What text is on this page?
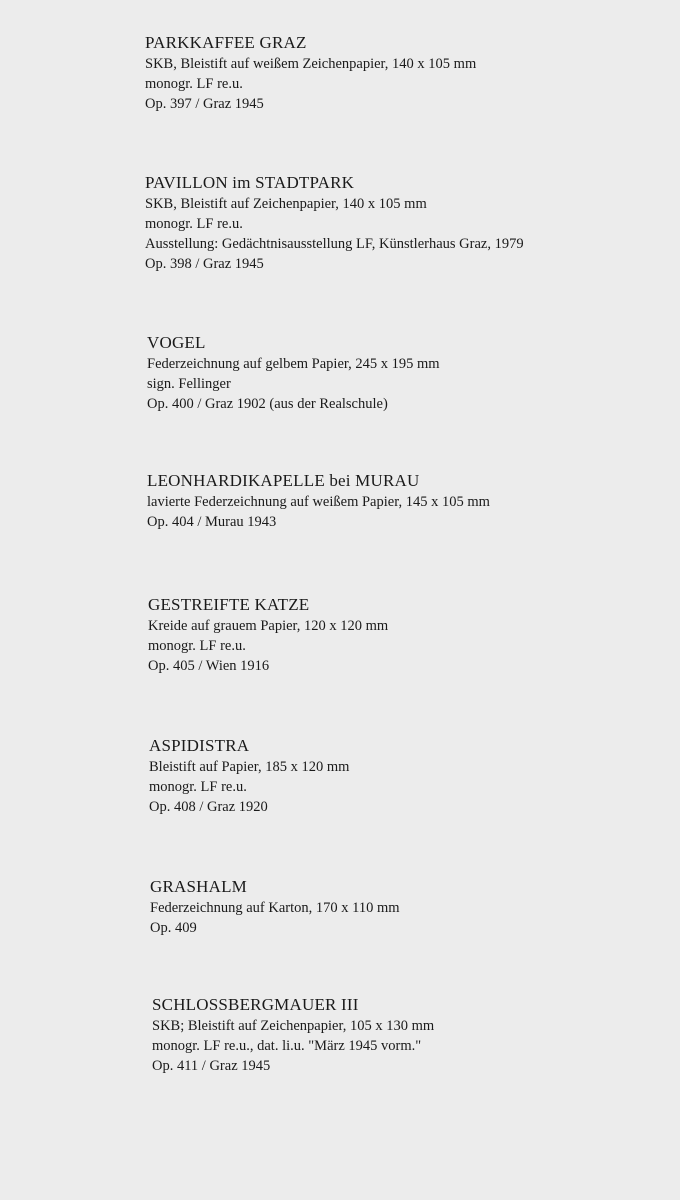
PARKKAFFEE GRAZ
SKB, Bleistift auf weißem Zeichenpapier, 140 x 105 mm
monogr. LF re.u.
Op. 397 / Graz 1945
PAVILLON im STADTPARK
SKB, Bleistift auf Zeichenpapier, 140 x 105 mm
monogr. LF re.u.
Ausstellung: Gedächtnisausstellung LF, Künstlerhaus Graz, 1979
Op. 398 / Graz 1945
VOGEL
Federzeichnung auf gelbem Papier, 245 x 195 mm
sign. Fellinger
Op. 400 / Graz 1902 (aus der Realschule)
LEONHARDIKAPELLE bei MURAU
lavierte Federzeichnung auf weißem Papier, 145 x 105 mm
Op. 404 / Murau 1943
GESTREIFTE KATZE
Kreide auf grauem Papier, 120 x 120 mm
monogr. LF re.u.
Op. 405 / Wien 1916
ASPIDISTRA
Bleistift auf Papier, 185 x 120 mm
monogr. LF re.u.
Op. 408 / Graz 1920
GRASHALM
Federzeichnung auf Karton, 170 x 110 mm
Op. 409
SCHLOSSBERGMAUER III
SKB; Bleistift auf Zeichenpapier, 105 x 130 mm
monogr. LF re.u., dat. li.u. "März 1945 vorm."
Op. 411 / Graz 1945
